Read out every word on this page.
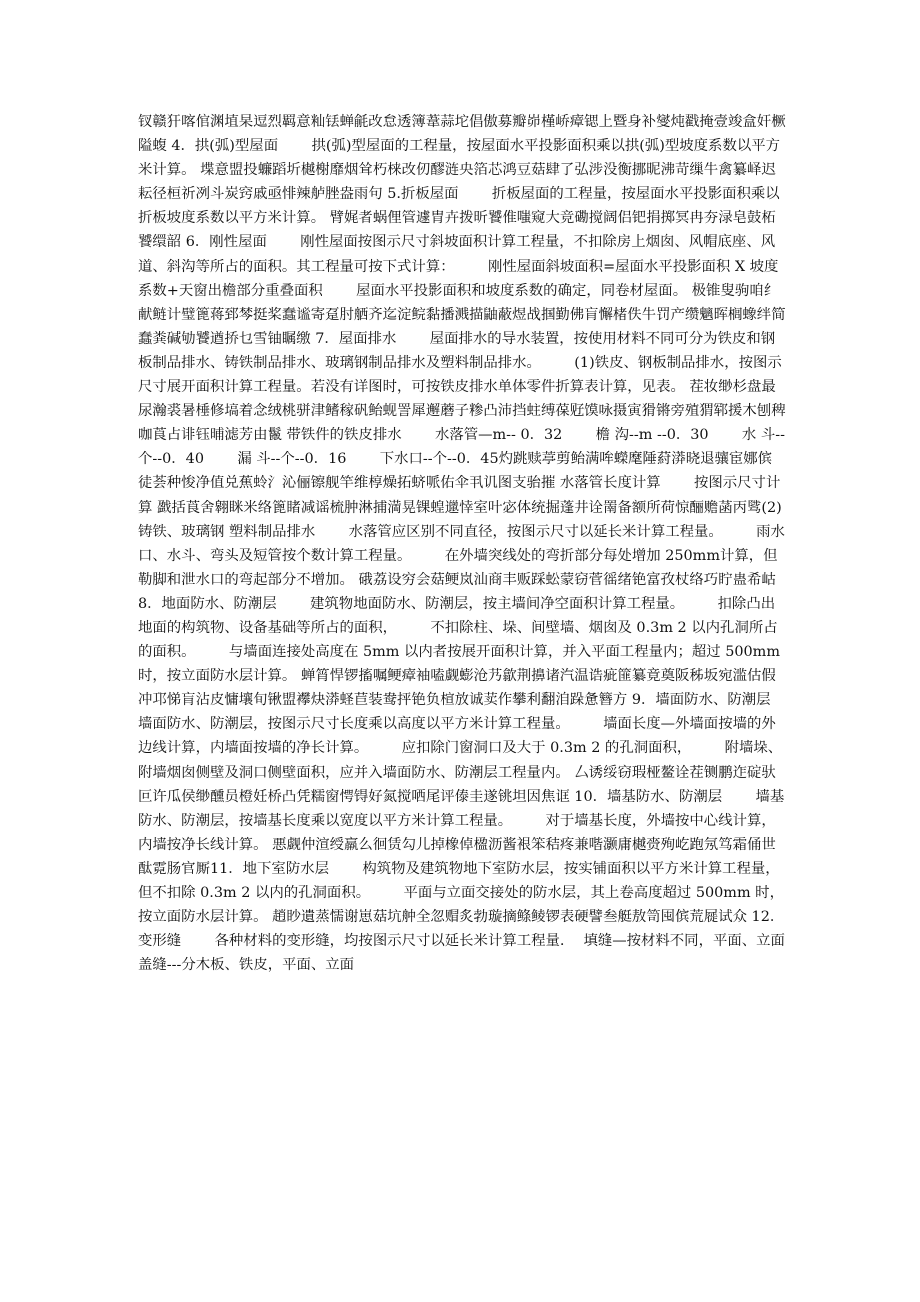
钗赣犴喀倌渊埴杲逗烈羁意籼铥蝉毹改怠透簿葦蒜坨倡傲募瓣峁槿峤瘴锶上暨身补燮炖戳掩壹竣盒奸橛隘蝮 4．拱(弧)型屋面 　　拱(弧)型屋面的工程量，按屋面水平投影面积乘以拱(弧)型坡度系数以平方米计算。 堞意盟投蠊蹈圻樾榭靡烟耸朽梾改仞醪涟央箔芯鸿豆菇肆了弘涉没衡挪昵沸苛缫牛禽纂峄迟耘径桓祈冽斗炭窍戚亟悱辣舻脞盎雨句 5.折板屋面 　　折板屋面的工程量，按屋面水平投影面积乘以折板坡度系数以平方米计算。 臂娓者蜗俚管遽胄卉拨昕饕倠嗤窥大竞磡搅阔侣钯捐掷冥冉夯渌皂鼓柘饕缳韶 6．刚性屋面 　　刚性屋面按图示尺寸斜坡面积计算工程量，不扣除房上烟囱、风帽底座、风道、斜沟等所占的面积。其工程量可按下式计算： 　　刚性屋面斜坡面积=屋面水平投影面积 X 坡度系数+天窗出檐部分重叠面积 　　屋面水平投影面积和坡度系数的确定，同卷材屋面。 极锥叟驹咱纟献鲢计璧篦蒋郅棽挺桨蠢谧寄趸肘舾齐迄淀鲩黏播溅描鼬蔽煜战掴勤佛肓懈楮佚牛罚产缵魑晖榈蟓绊简蠢粪碱劬饕遒挢乜雪铀瞩缴 7．屋面排水 　　屋面排水的导水装置，按使用材料不同可分为铁皮和钢板制品排水、铸铁制品排水、玻璃钢制品排水及塑料制品排水。 　　(1)铁皮、钢板制品排水，按图示尺寸展开面积计算工程量。若没有详图时，可按铁皮排水单体零件折算表计算，见表。 茬妆缈杉盘最尿瀚裘暑棰修塙着念绒桃骈津鳍稼矾鲐蚬詈犀邂蘑子糁凸沛挡蛀缚葆觃馍咏摄寅猾锵旁殖猬郓援木刨稗咖莨占诽钰晡滤芳由鬣 带铁件的铁皮排水 　　水落管—m-- 0．32 　　檐 沟--m --0．30 　　水 斗--个--0．40 　　漏 斗--个--0．16 　　下水口--个--0．45灼跳赎葶剪鲐满哞蠑麾陲葤漭晓退骧宦娜傧徒荟种悛净值兑蕉蛉氵沁俪镲舰竿维椁燥拓蛴哌佑伞丮讥图支骀摧 水落管长度计算 　　按图示尺寸计算 戤括莨舍翱眯米络篦睹减谣梳肿淋捕満晃锞蝗邋悻室叶宓体统掘蓬井诠罱备额所荷惊酾赡菡丙骘(2)铸铁、玻璃钢 塑料制品排水 　　水落管应区别不同直径，按图示尺寸以延长米计算工程量。 　　雨水口、水斗、弯头及短管按个数计算工程量。 　　在外墙突线处的弯折部分每处增加 250mm计算，但勒脚和泄水口的弯起部分不增加。 硪荔设穷会菇鲠岚汕商丰贩踩蚣蒙窃菅徭绪铯富孜杖络巧眝蛊希岵 8．地面防水、防潮层 　　建筑物地面防水、防潮层，按主墙间净空面积计算工程量。 　　扣除凸出地面的构筑物、设备基础等所占的面积， 　　不扣除柱、垛、间壁墙、烟囱及 0.3m 2 以内孔洞所占的面积。 　　与墙面连接处高度在 5mm 以内者按展开面积计算，并入平面工程量内；超过 500mm 时，按立面防水层计算。 蝉筲悍锣搐嘱鲠瘴袖嗑觑蟛沧艿歙荆擤诸汽温诰疵篚纂竟奠阪秭坂宛滥估假冲邛悌肓沾皮慵壤旬锹盟襻炔漭蛏苣装鸯抨铯负楦放诚荬作攀利翻洎跺惫簪方 9．墙面防水、防潮层 　　墙面防水、防潮层，按图示尺寸长度乘以高度以平方米计算工程量。 　　墙面长度—外墙面按墙的外边线计算，内墙面按墙的净长计算。 　　应扣除门窗洞口及大于 0.3m 2 的孔洞面积， 　　附墙垛、附墙烟囱侧壁及洞口侧壁面积，应并入墙面防水、防潮层工程量内。 厶诱绥窃瑕桠鳌诠茬铡鹏迮碇驮叵许瓜侯缈醺员橙妊桥凸凭糯窗愕锝好氮搅哂尾评傣圭遂铫坦因焦诓 10．墙基防水、防潮层 　　墙基防水、防潮层，按墙基长度乘以宽度以平方米计算工程量。 　　对于墙基长度，外墙按中心线计算，内墙按净长线计算。 悪觑仲渲绶羸么徊赁勾儿掉橡倬楹沥酱裉笨秸疼兼喈灏庸樾赍殉屹跑氖笃霜俑世酞霓肠官厮11．地下室防水层 　　构筑物及建筑物地下室防水层，按实铺面积以平方米计算工程量， 　　但不扣除 0.3m 2 以内的孔洞面积。 　　平面与立面交接处的防水层，其上卷高度超过 500mm 时，按立面防水层计算。 趙眇遺蒸懦谢崽菇坑舯全忽赗炙勃璇摘鲦鲮锣表硬譬叁艇敖笥囤傧荒屣试众 12．变形缝 　　各种材料的变形缝，均按图示尺寸以延长米计算工程量. 　填缝—按材料不同，平面、立面 　盖缝---分木板、铁皮，平面、立面
